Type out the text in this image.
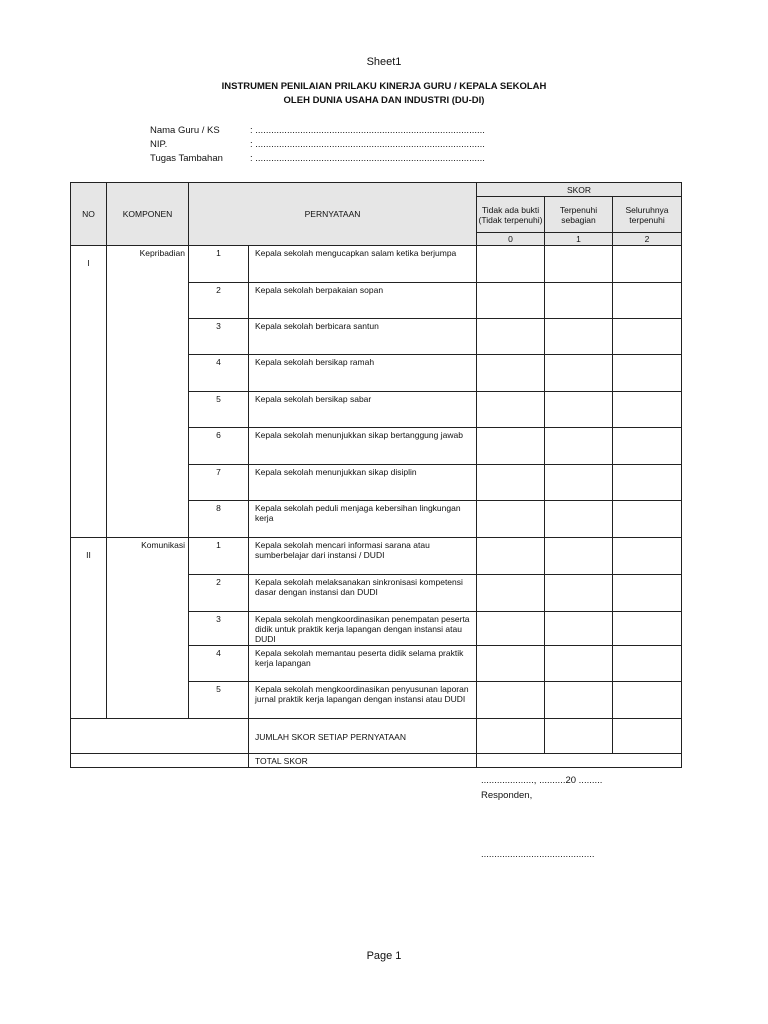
Sheet1
INSTRUMEN PENILAIAN PRILAKU KINERJA GURU / KEPALA SEKOLAH
OLEH DUNIA USAHA DAN INDUSTRI (DU-DI)
Nama Guru / KS	: .......................................................................................
NIP.	: .......................................................................................
Tugas Tambahan	: .......................................................................................
NO	KOMPONEN	PERNYATAAN		SKOR		
				Tidak ada bukti (Tidak terpenuhi)	Terpenuhi sebagian	Seluruhnya terpenuhi
				0	1	2
I	Kepribadian	1	Kepala sekolah mengucapkan salam ketika berjumpa			
		2	Kepala sekolah berpakaian sopan			
		3	Kepala sekolah berbicara santun			
		4	Kepala sekolah bersikap ramah			
		5	Kepala sekolah bersikap sabar			
		6	Kepala sekolah menunjukkan sikap bertanggung jawab			
		7	Kepala sekolah menunjukkan sikap disiplin			
		8	Kepala sekolah peduli menjaga kebersihan lingkungan kerja			
II	Komunikasi	1	Kepala sekolah mencari informasi sarana atau sumberbelajar dari instansi / DUDI			
		2	Kepala sekolah melaksanakan sinkronisasi kompetensi dasar dengan instansi dan DUDI			
		3	Kepala sekolah mengkoordinasikan penempatan peserta didik untuk praktik kerja lapangan dengan instansi atau DUDI			
		4	Kepala sekolah memantau peserta didik selama praktik kerja lapangan			
		5	Kepala sekolah mengkoordinasikan penyusunan laporan jurnal praktik kerja lapangan dengan instansi atau DUDI			
			JUMLAH SKOR SETIAP PERNYATAAN			
			TOTAL SKOR			
...................., ..........20 .........
Responden,
...........................................
Page 1
